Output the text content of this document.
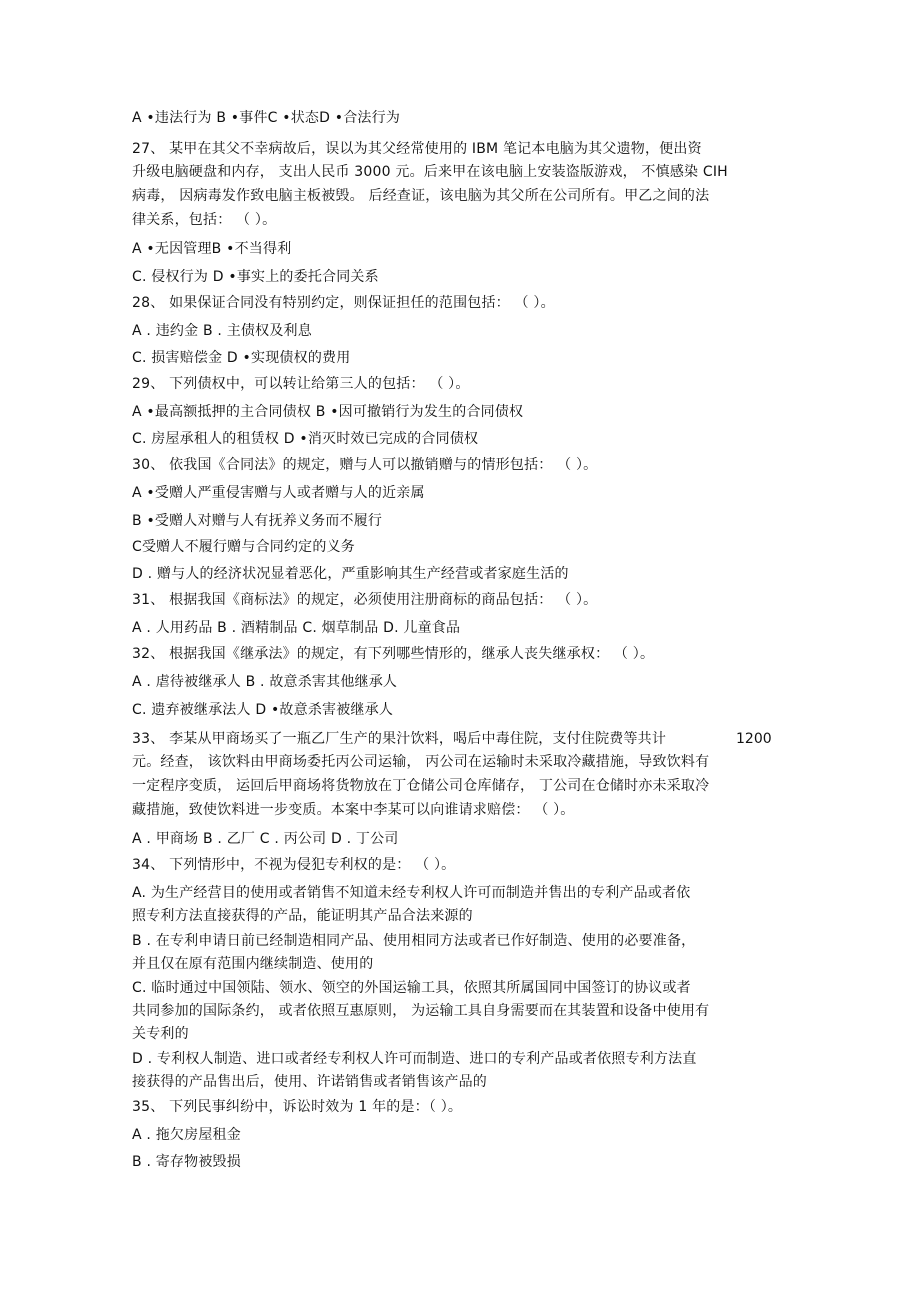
A •违法行为 B •事件C •状态D •合法行为
27、 某甲在其父不幸病故后，误以为其父经常使用的 IBM 笔记本电脑为其父遗物，便出资
升级电脑硬盘和内存， 支出人民币 3000 元。后来甲在该电脑上安装盗版游戏， 不慎感染 CIH
病毒， 因病毒发作致电脑主板被毁。 后经查证，该电脑为其父所在公司所有。甲乙之间的法
律关系，包括： （ ）。
A •无因管理B •不当得利
C. 侵权行为 D •事实上的委托合同关系
28、 如果保证合同没有特别约定，则保证担任的范围包括： （ ）。
A . 违约金 B . 主债权及利息
C. 损害赔偿金 D •实现债权的费用
29、 下列债权中，可以转让给第三人的包括： （ ）。
A •最高额抵押的主合同债权 B •因可撤销行为发生的合同债权
C. 房屋承租人的租赁权 D •消灭时效已完成的合同债权
30、 依我国《合同法》的规定，赠与人可以撤销赠与的情形包括： （ ）。
A •受赠人严重侵害赠与人或者赠与人的近亲属
B •受赠人对赠与人有抚养义务而不履行
C受赠人不履行赠与合同约定的义务
D . 赠与人的经济状况显着恶化，严重影响其生产经营或者家庭生活的
31、 根据我国《商标法》的规定，必须使用注册商标的商品包括： （ ）。
A . 人用药品 B . 酒精制品 C. 烟草制品 D. 儿童食品
32、 根据我国《继承法》的规定，有下列哪些情形的，继承人丧失继承权： （ ）。
A . 虐待被继承人 B . 故意杀害其他继承人
C. 遗弃被继承法人 D •故意杀害被继承人
33、 李某从甲商场买了一瓶乙厂生产的果汁饮料，喝后中毒住院，支付住院费等共计	1200
元。经查， 该饮料由甲商场委托丙公司运输， 丙公司在运输时未采取冷藏措施，导致饮料有
一定程序变质， 运回后甲商场将货物放在丁仓储公司仓库储存， 丁公司在仓储时亦未采取冷
藏措施，致使饮料进一步变质。本案中李某可以向谁请求赔偿： （ ）。
A . 甲商场 B . 乙厂 C . 丙公司 D . 丁公司
34、 下列情形中，不视为侵犯专利权的是： （ ）。
A. 为生产经营目的使用或者销售不知道未经专利权人许可而制造并售出的专利产品或者依
照专利方法直接获得的产品，能证明其产品合法来源的
B . 在专利申请日前已经制造相同产品、使用相同方法或者已作好制造、使用的必要准备，
并且仅在原有范围内继续制造、使用的
C. 临时通过中国领陆、领水、领空的外国运输工具，依照其所属国同中国签订的协议或者
共同参加的国际条约， 或者依照互惠原则， 为运输工具自身需要而在其装置和设备中使用有
关专利的
D . 专利权人制造、进口或者经专利权人许可而制造、进口的专利产品或者依照专利方法直
接获得的产品售出后，使用、许诺销售或者销售该产品的
35、 下列民事纠纷中，诉讼时效为 1 年的是：（ ）。
A . 拖欠房屋租金
B . 寄存物被毁损
